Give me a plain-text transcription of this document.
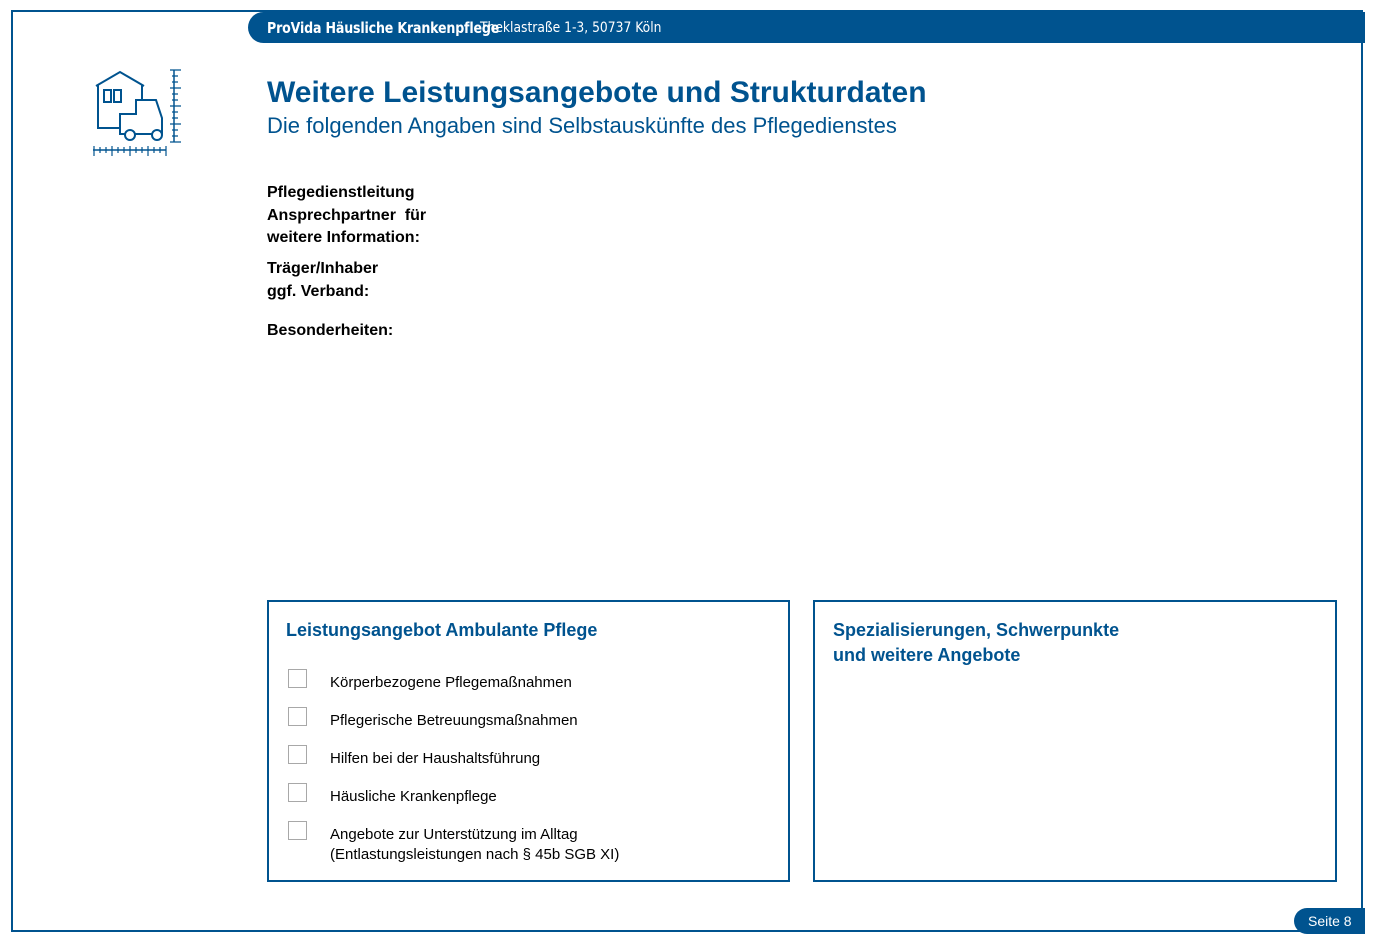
ProVida Häusliche Krankenpflege
Theklastraße 1-3, 50737 Köln
Weitere Leistungsangebote und Strukturdaten
Die folgenden Angaben sind Selbstauskünfte des Pflegedienstes
Pflegedienstleitung
Ansprechpartner  für
weitere Information:
Träger/Inhaber
ggf. Verband:
Besonderheiten:
Leistungsangebot Ambulante Pflege
Körperbezogene Pflegemaßnahmen
Pflegerische Betreuungsmaßnahmen
Hilfen bei der Haushaltsführung
Häusliche Krankenpflege
Angebote zur Unterstützung im Alltag
(Entlastungsleistungen nach § 45b SGB XI)
Spezialisierungen, Schwerpunkte
und weitere Angebote
Seite 8
